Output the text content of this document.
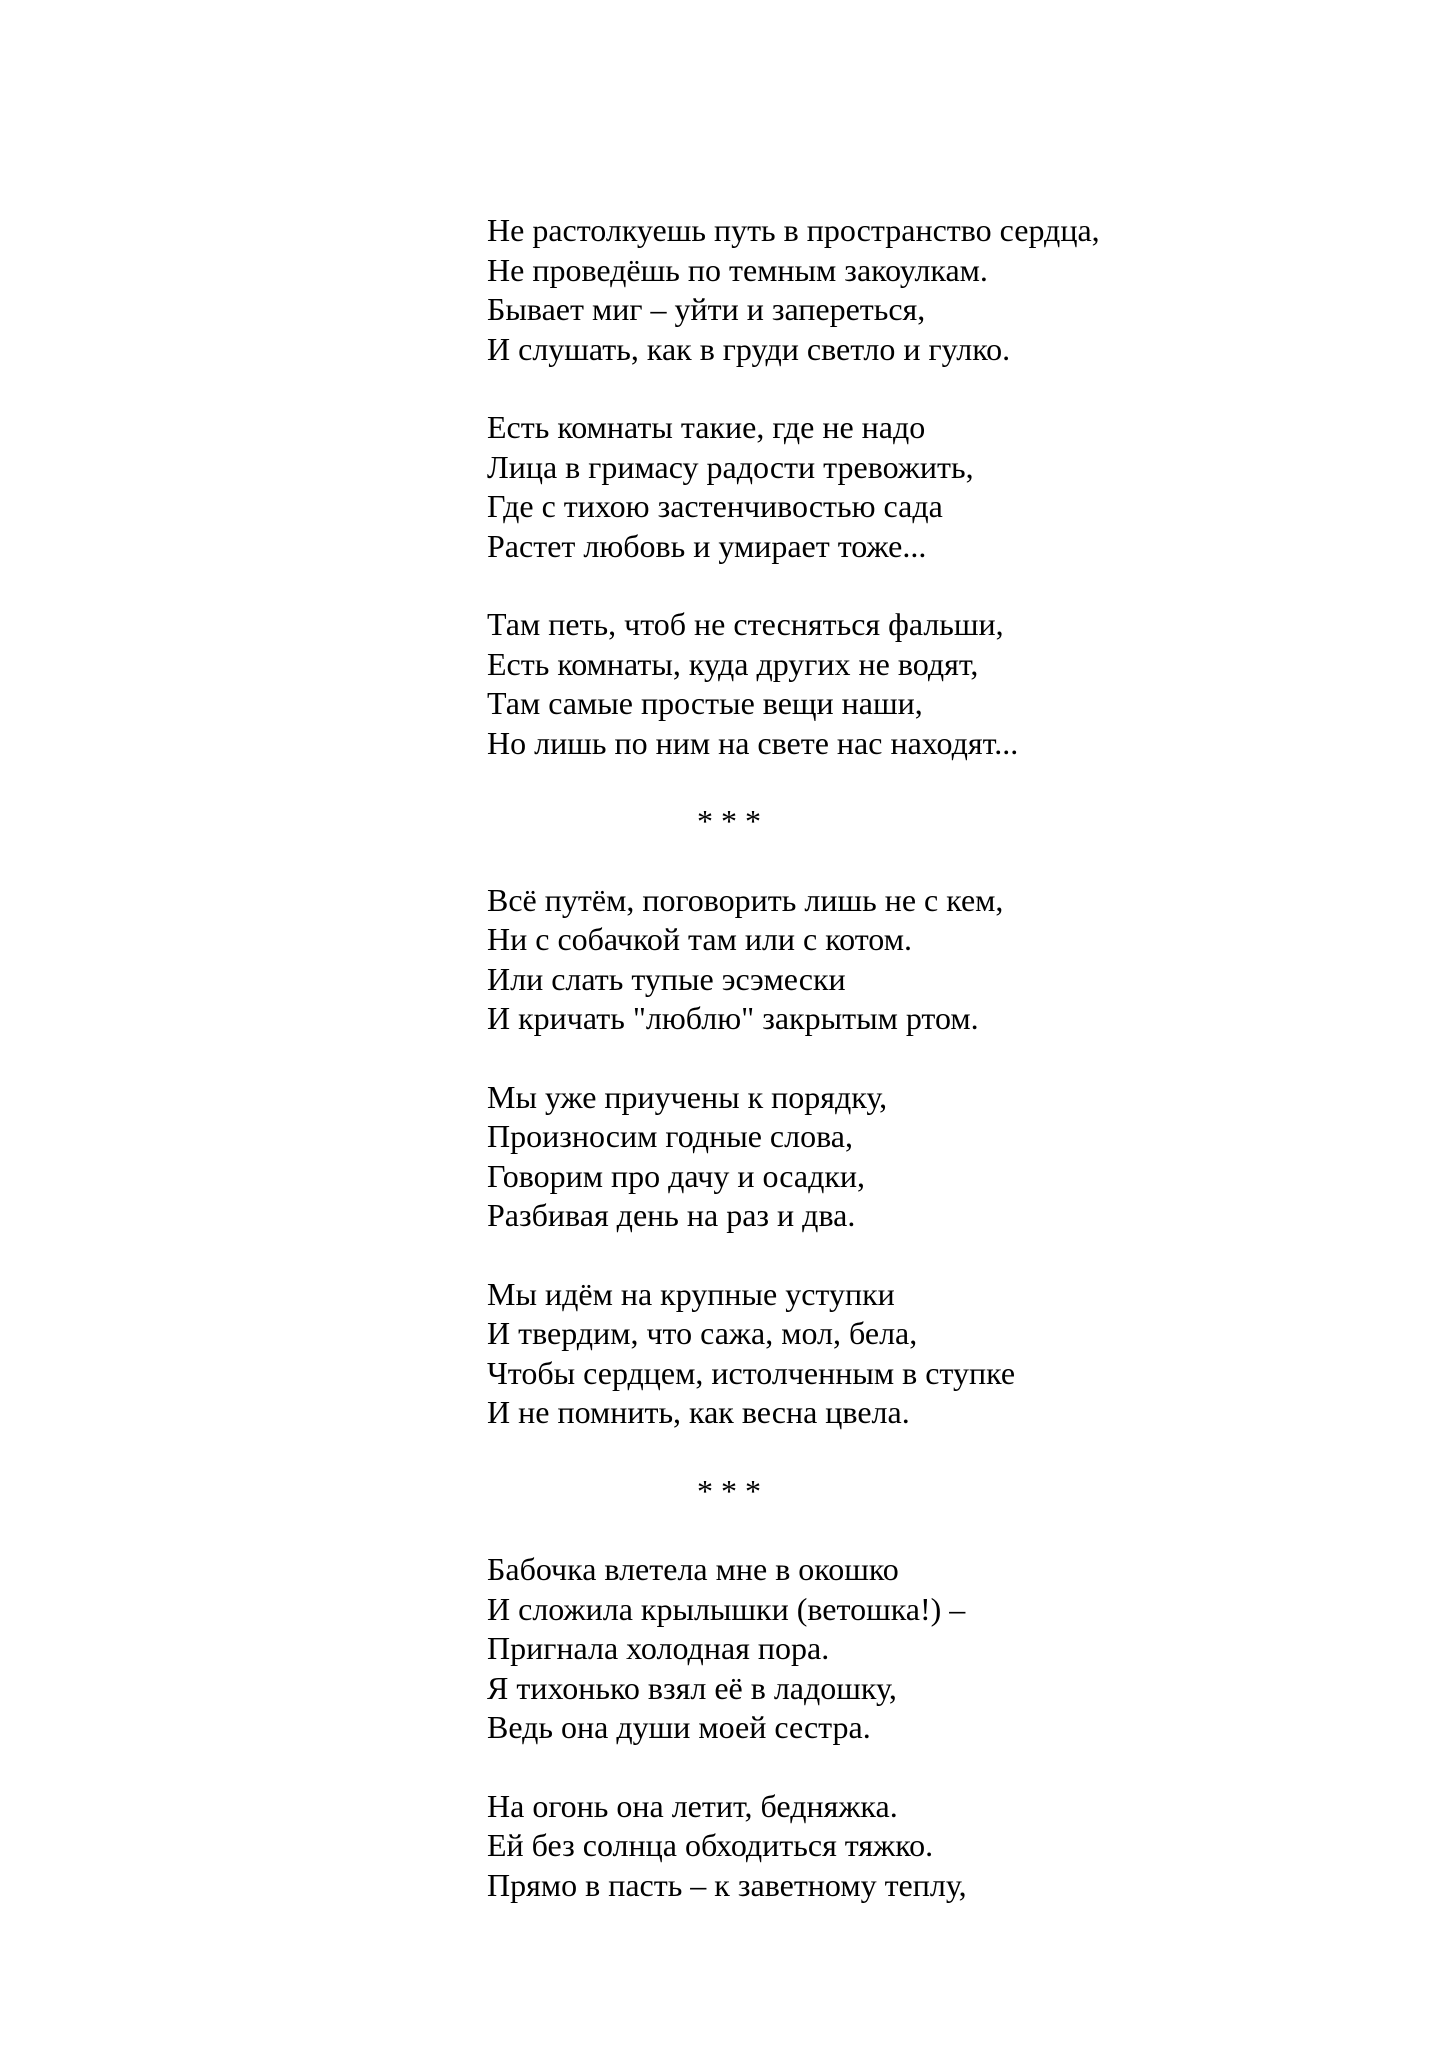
Не растолкуешь путь в пространство сердца,
Не проведёшь по темным закоулкам.
Бывает миг – уйти и запереться,
И слушать, как в груди светло и гулко.
Есть комнаты такие, где не надо
Лица в гримасу радости тревожить,
Где с тихою застенчивостью сада
Растет любовь и умирает тоже...
Там петь, чтоб не стесняться фальши,
Есть комнаты, куда других не водят,
Там самые простые вещи наши,
Но лишь по ним на свете нас находят...
* * *
Всё путём, поговорить лишь не с кем,
Ни с собачкой там или с котом.
Или слать тупые эсэмески
И кричать "люблю" закрытым ртом.
Мы уже приучены к порядку,
Произносим годные слова,
Говорим про дачу и осадки,
Разбивая день на раз и два.
Мы идём на крупные уступки
И твердим, что сажа, мол, бела,
Чтобы сердцем, истолченным в ступке
И не помнить, как весна цвела.
* * *
Бабочка влетела мне в окошко
И сложила крылышки (ветошка!) –
Пригнала холодная пора.
Я тихонько взял её в ладошку,
Ведь она души моей сестра.
На огонь она летит, бедняжка.
Ей без солнца обходиться тяжко.
Прямо в пасть – к заветному теплу,
